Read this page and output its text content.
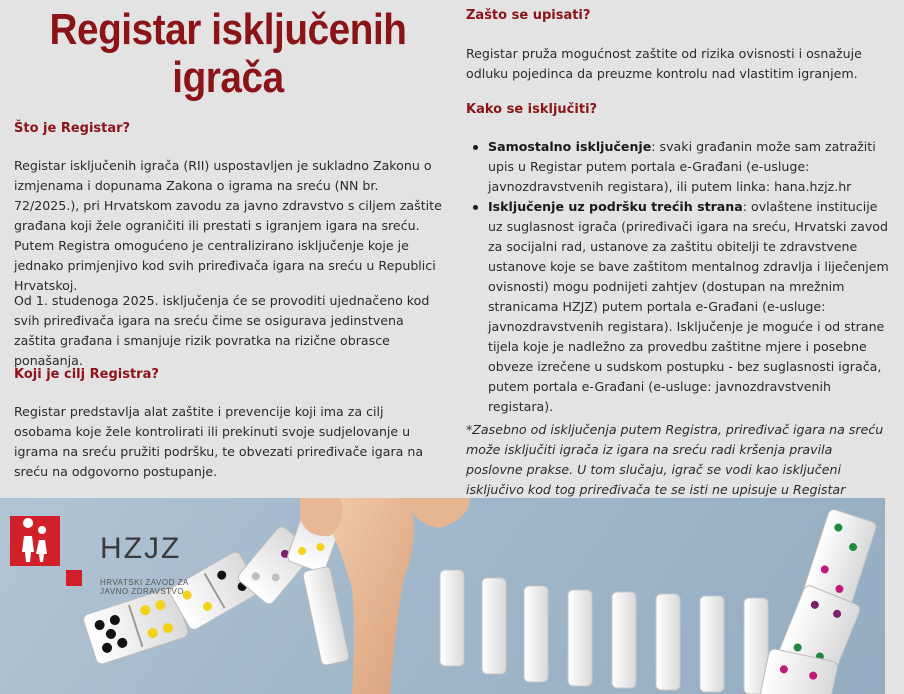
Registar isključenih
igrača
Što je Registar?

Registar isključenih igrača (RII) uspostavljen je sukladno Zakonu o izmjenama i dopunama Zakona o igrama na sreću (NN br. 72/2025.), pri Hrvatskom zavodu za javno zdravstvo s ciljem zaštite građana koji žele ograničiti ili prestati s igranjem igara na sreću. Putem Registra omogućeno je centralizirano isključenje koje je jednako primjenjivo kod svih priređivača igara na sreću u Republici Hrvatskoj.

Od 1. studenoga 2025. isključenja će se provoditi ujednačeno kod svih priređivača igara na sreću čime se osigurava jedinstvena zaštita građana i smanjuje rizik povratka na rizične obrasce ponašanja.

Koji je cilj Registra?

Registar predstavlja alat zaštite i prevencije koji ima za cilj osobama koje žele kontrolirati ili prekinuti svoje sudjelovanje u igrama na sreću pružiti podršku, te obvezati priređivače igara na sreću na odgovorno postupanje.

Zašto se upisati?

Registar pruža mogućnost zaštite od rizika ovisnosti i osnažuje odluku pojedinca da preuzme kontrolu nad vlastitim igranjem.

Kako se isključiti?
Samostalno isključenje: svaki građanin može sam zatražiti upis u Registar putem portala e-Građani (e-usluge: javnozdravstvenih registara), ili putem linka: hana.hzjz.hr
Isključenje uz podršku trećih strana: ovlaštene institucije uz suglasnost igrača (priređivači igara na sreću, Hrvatski zavod za socijalni rad, ustanove za zaštitu obitelji te zdravstvene ustanove koje se bave zaštitom mentalnog zdravlja i liječenjem ovisnosti) mogu podnijeti zahtjev (dostupan na mrežnim stranicama HZJZ) putem portala e-Građani (e-usluge: javnozdravstvenih registara). Isključenje je moguće i od strane tijela koje je nadležno za provedbu zaštitne mjere i posebne obveze izrečene u sudskom postupku - bez suglasnosti igrača, putem portala e-Građani (e-usluge: javnozdravstvenih registara).

*Zasebno od isključenja putem Registra, priređivač igara na sreću može isključiti igrača iz igara na sreću radi kršenja pravila poslovne prakse. U tom slučaju, igrač se vodi kao isključeni isključivo kod tog priređivača te se isti ne upisuje u Registar

HZJZ
HRVATSKI ZAVOD ZA JAVNO ZDRAVSTVO
